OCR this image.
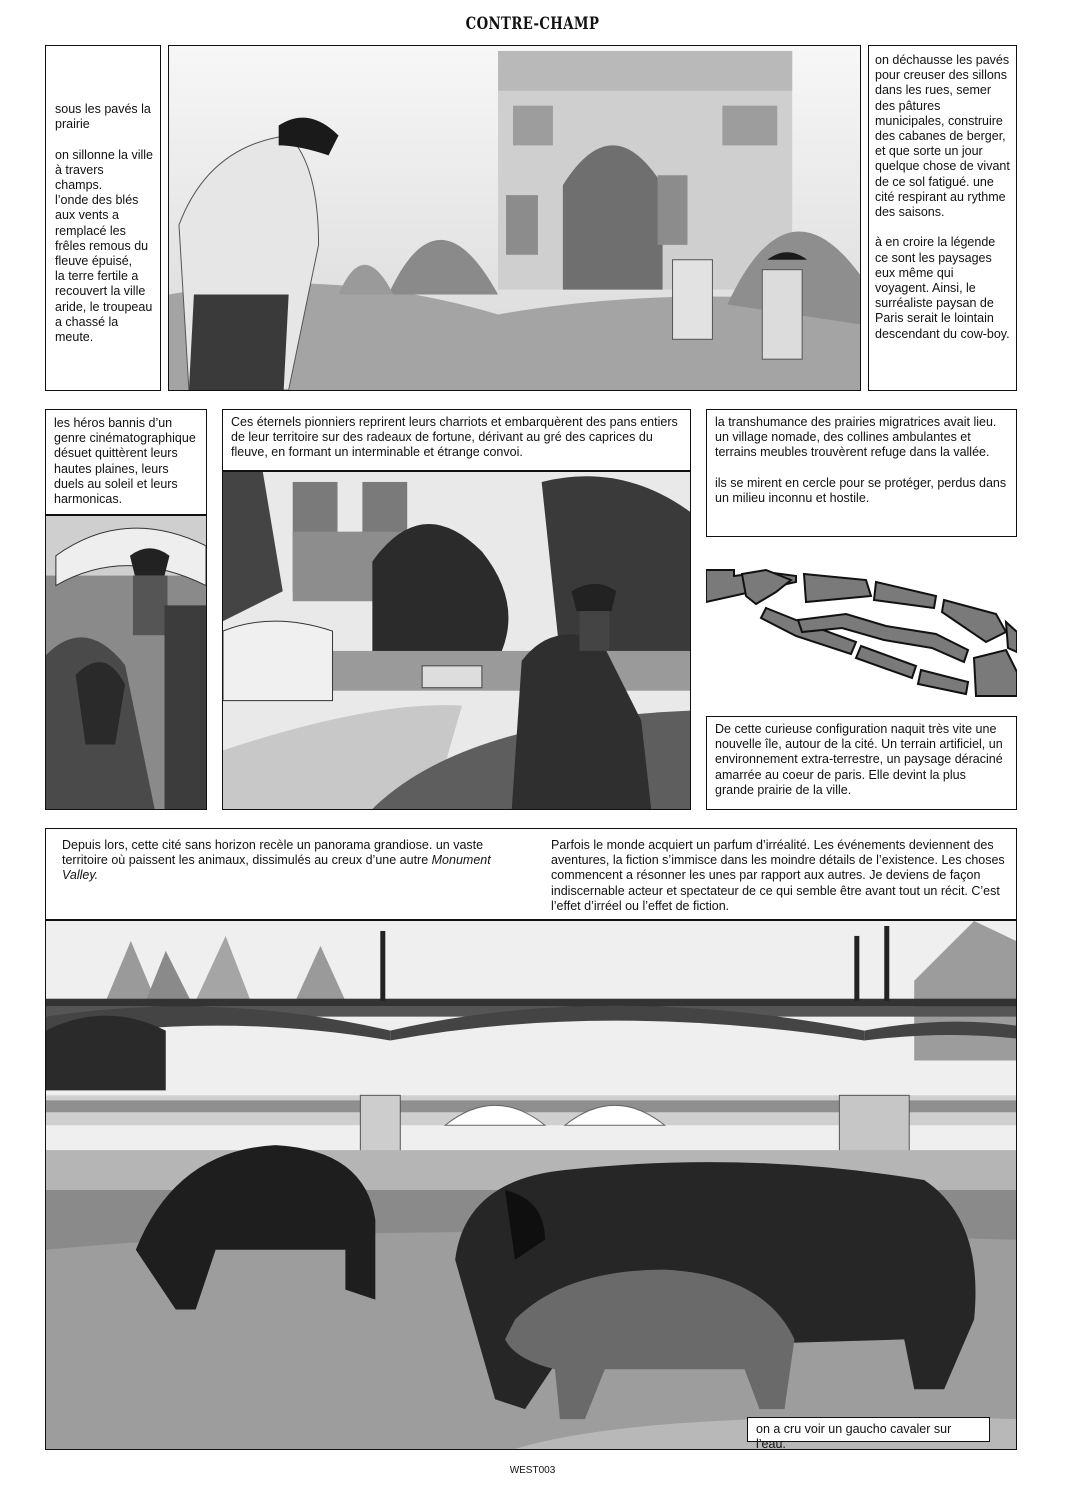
CONTRE-CHAMP
sous les pavés la prairie

on sillonne la ville à travers champs.
l’onde des blés aux vents a remplacé les frêles remous du fleuve épuisé,
la terre fertile a recouvert la ville aride, le troupeau a chassé la meute.
on déchausse les pavés pour creuser des sillons dans les rues, semer des pâtures municipales, construire des cabanes de berger, et que sorte un jour quelque chose de vivant de ce sol fatigué. une cité respirant au rythme des saisons.

à en croire la légende ce sont les paysages eux même qui voyagent. Ainsi, le surréaliste paysan de Paris serait le lointain descendant du cow-boy.
les héros bannis d’un genre cinématographique désuet quittèrent leurs hautes plaines, leurs duels au soleil et leurs harmonicas.
Ces éternels pionniers reprirent leurs charriots et embarquèrent des pans entiers de leur territoire sur des radeaux de fortune, dérivant au gré des caprices du fleuve, en formant un interminable et étrange convoi.
la transhumance des prairies migratrices avait lieu. un village nomade, des collines ambulantes et terrains meubles trouvèrent refuge dans la vallée.

ils se mirent en cercle pour se protéger, perdus dans un milieu inconnu et hostile.
De cette curieuse configuration naquit très vite une nouvelle île, autour de la cité. Un terrain artificiel, un environnement extra-terrestre, un paysage déraciné amarrée au coeur de paris. Elle devint la plus grande prairie de la ville.
Depuis lors, cette cité sans horizon recèle un panorama grandiose. un vaste territoire où paissent les animaux, dissimulés au creux d’une autre Monument Valley.
Parfois le monde acquiert un parfum d’irréalité. Les événements deviennent des aventures, la fiction s’immisce dans les moindre détails de l’existence. Les choses commencent a résonner les unes par rapport aux autres. Je deviens de façon indiscernable acteur et spectateur de ce qui semble être avant tout un récit. C’est l’effet d’irréel ou l’effet de fiction.
on a cru voir un gaucho cavaler sur l’eau.
WEST003
